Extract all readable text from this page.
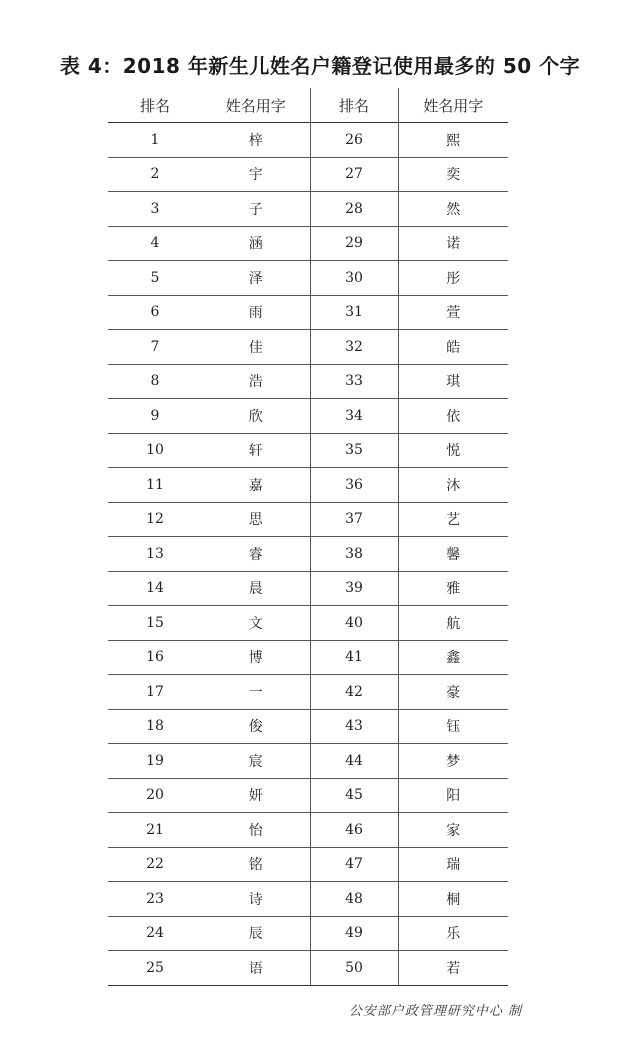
表 4：2018 年新生儿姓名户籍登记使用最多的 50 个字
排名	姓名用字	排名	姓名用字
1	梓	26	熙
2	宇	27	奕
3	子	28	然
4	涵	29	诺
5	泽	30	彤
6	雨	31	萱
7	佳	32	皓
8	浩	33	琪
9	欣	34	依
10	轩	35	悦
11	嘉	36	沐
12	思	37	艺
13	睿	38	馨
14	晨	39	雅
15	文	40	航
16	博	41	鑫
17	一	42	豪
18	俊	43	钰
19	宸	44	梦
20	妍	45	阳
21	怡	46	家
22	铭	47	瑞
23	诗	48	桐
24	辰	49	乐
25	语	50	若
公安部户政管理研究中心 制
